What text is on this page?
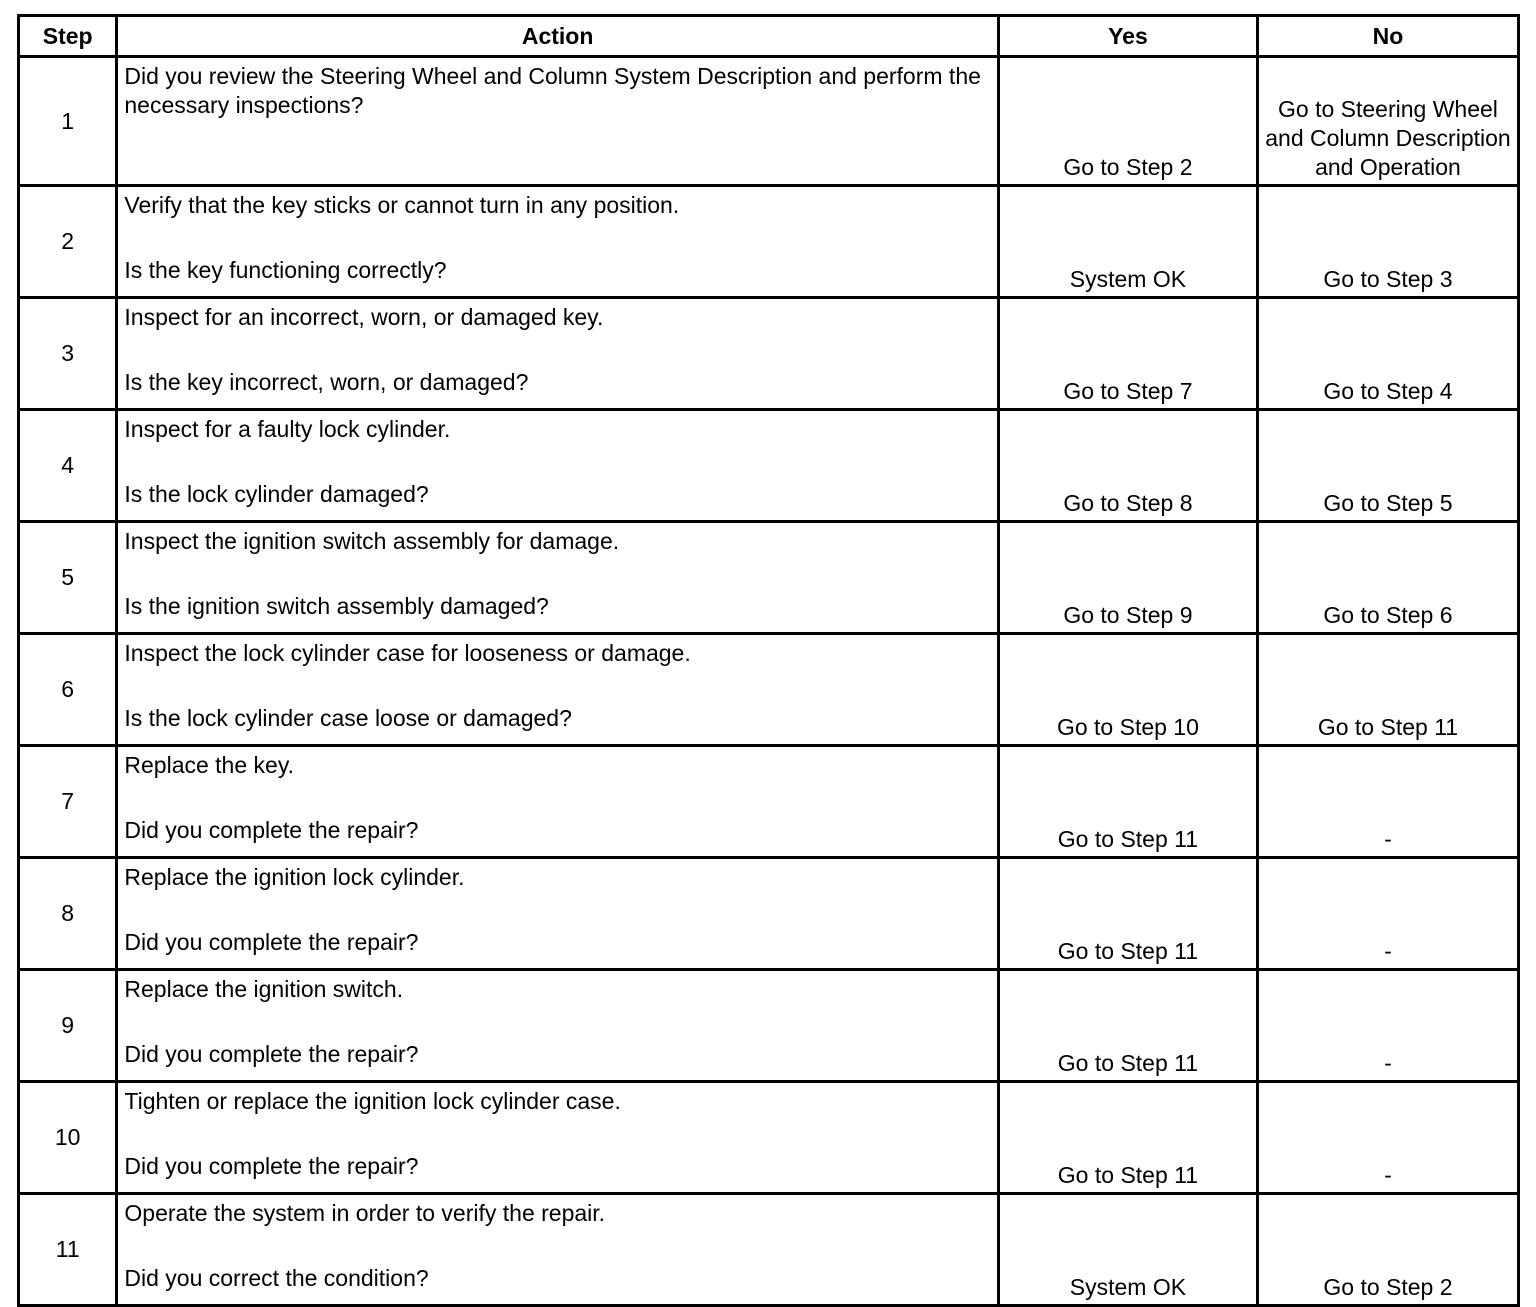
Step	Action	Yes	No
1	Did you review the Steering Wheel and Column System Description and perform the necessary inspections?	Go to Step 2	Go to Steering Wheel and Column Description and Operation

2	Verify that the key sticks or cannot turn in any position.
Is the key functioning correctly?	System OK	Go to Step 3

3	Inspect for an incorrect, worn, or damaged key.
Is the key incorrect, worn, or damaged?	Go to Step 7	Go to Step 4

4	Inspect for a faulty lock cylinder.
Is the lock cylinder damaged?	Go to Step 8	Go to Step 5

5	Inspect the ignition switch assembly for damage.
Is the ignition switch assembly damaged?	Go to Step 9	Go to Step 6

6	Inspect the lock cylinder case for looseness or damage.
Is the lock cylinder case loose or damaged?	Go to Step 10	Go to Step 11

7	Replace the key.
Did you complete the repair?	Go to Step 11	-

8	Replace the ignition lock cylinder.
Did you complete the repair?	Go to Step 11	-

9	Replace the ignition switch.
Did you complete the repair?	Go to Step 11	-

10	Tighten or replace the ignition lock cylinder case.
Did you complete the repair?	Go to Step 11	-

11	Operate the system in order to verify the repair.
Did you correct the condition?	System OK	Go to Step 2
